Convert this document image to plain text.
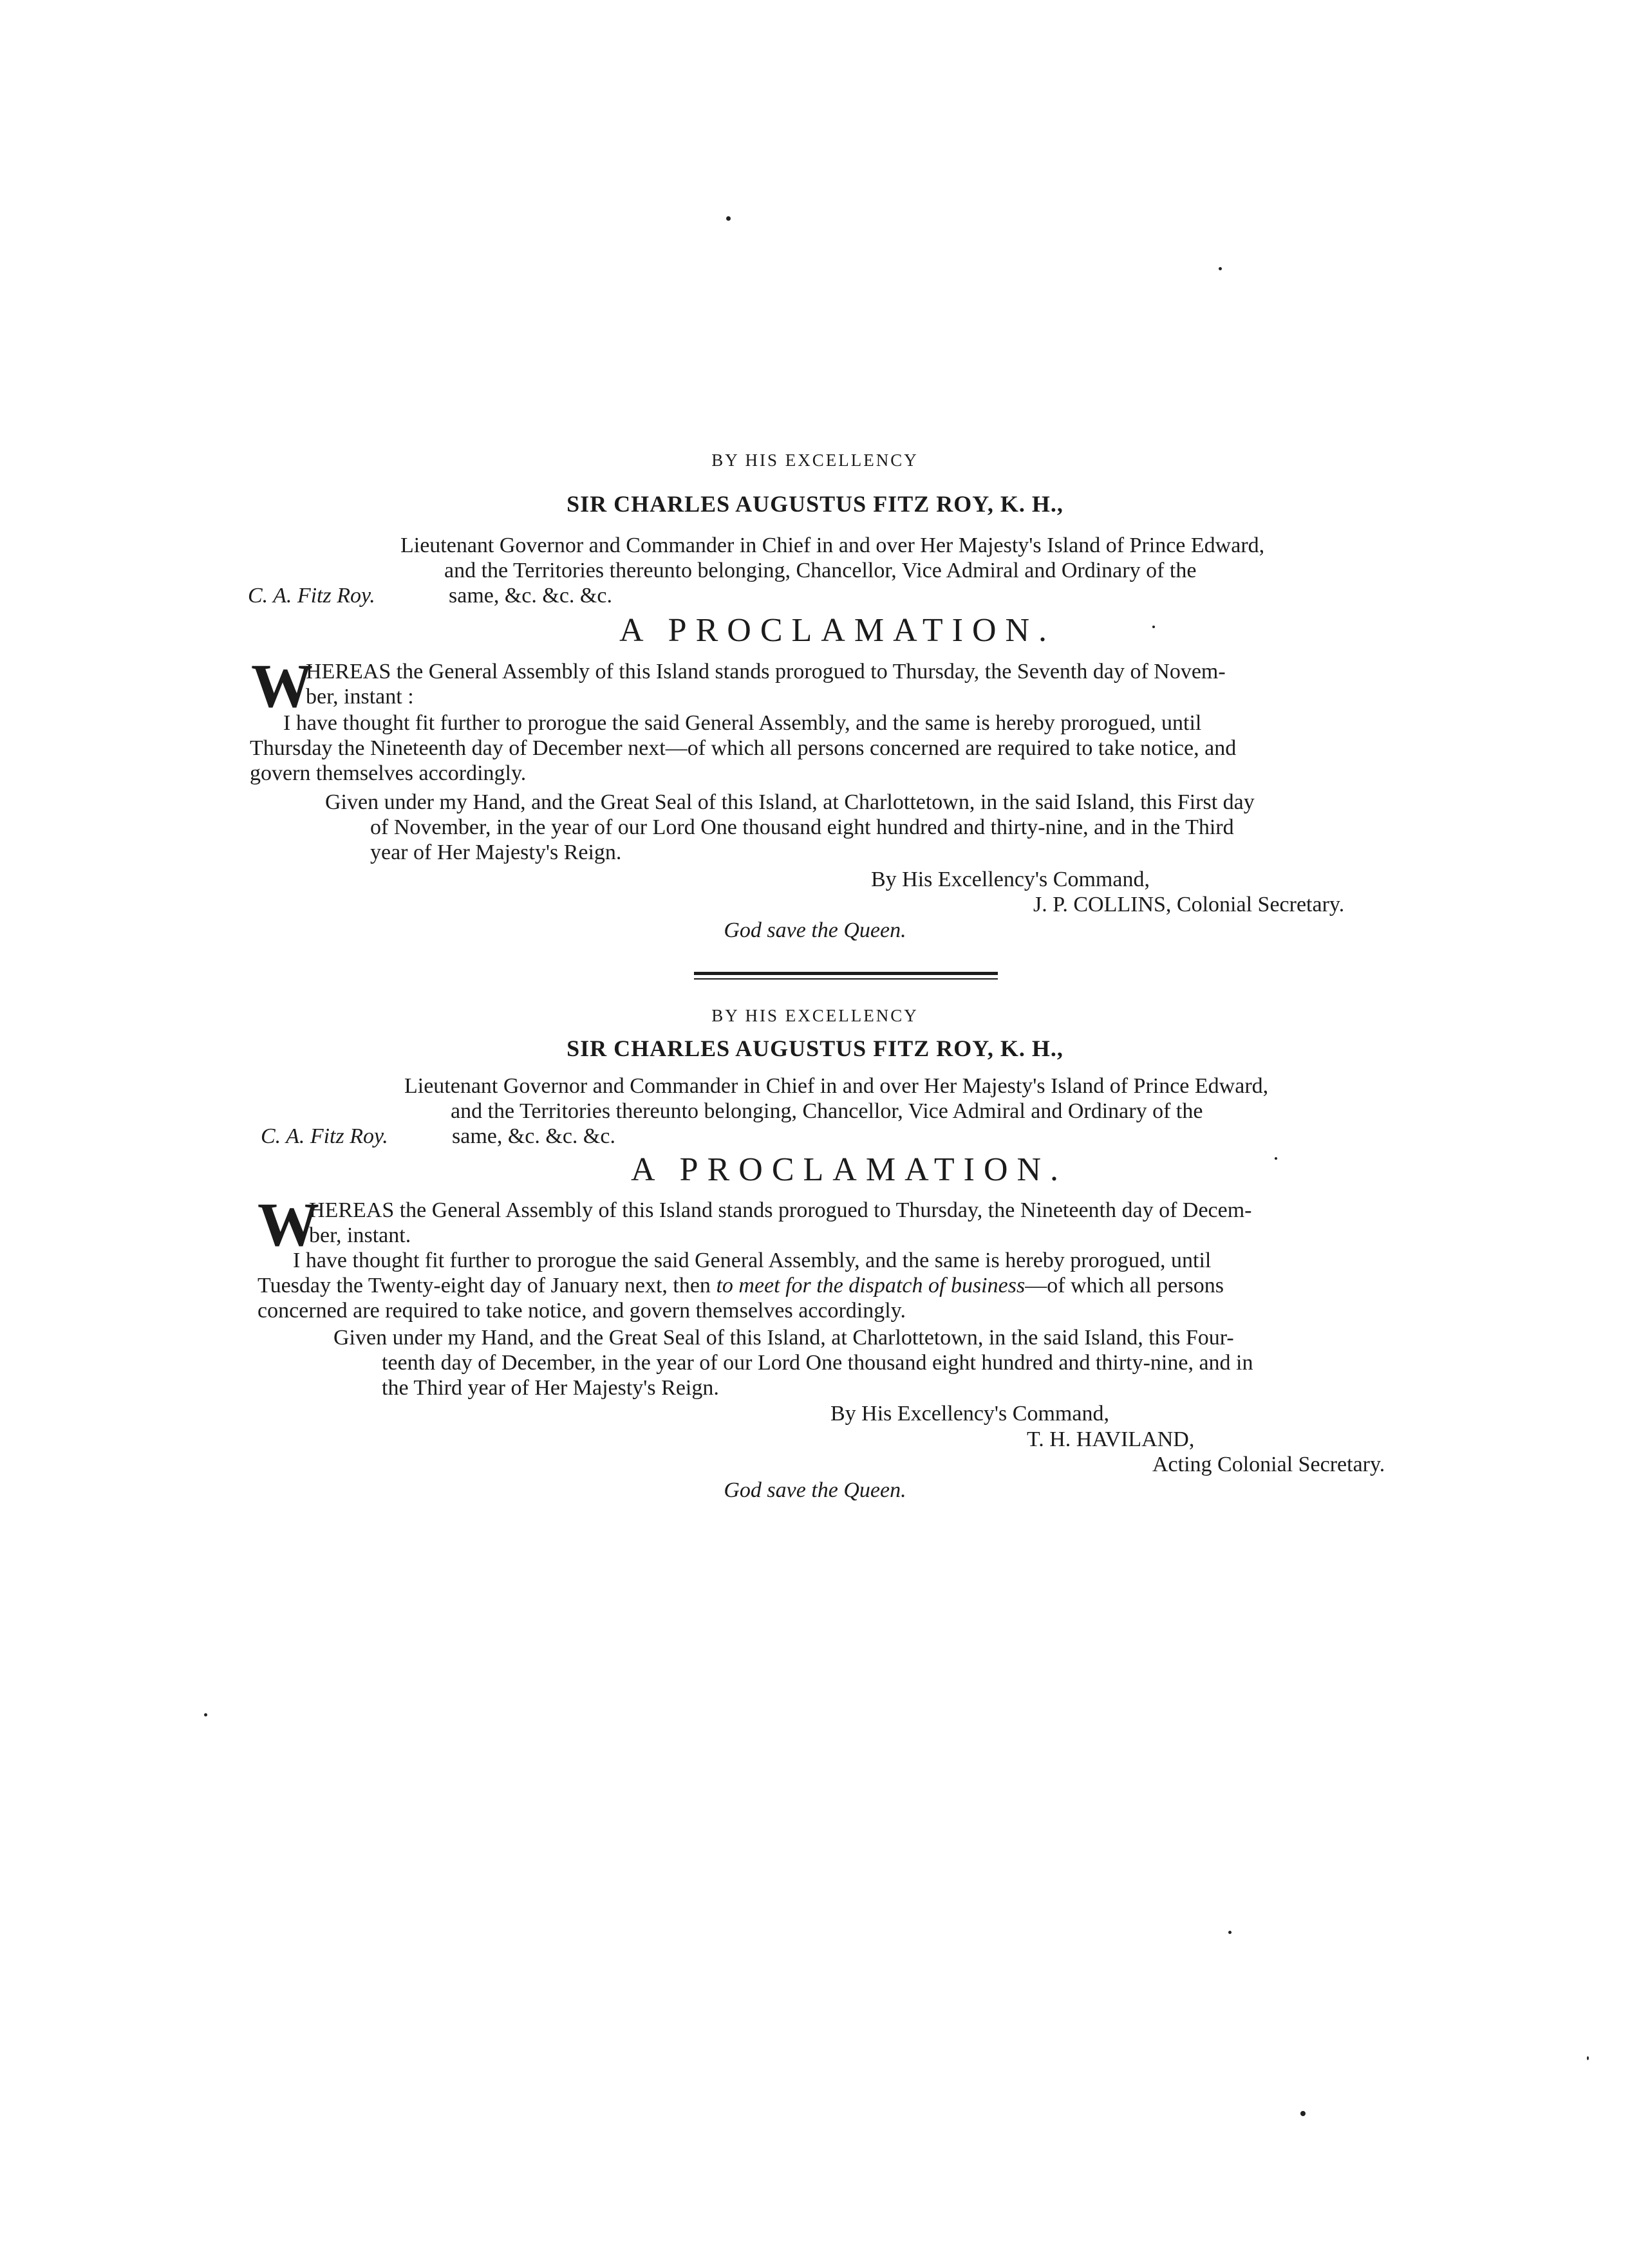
BY HIS EXCELLENCY
SIR CHARLES AUGUSTUS FITZ ROY, K. H.,
Lieutenant Governor and Commander in Chief in and over Her Majesty's Island of Prince Edward,
and the Territories thereunto belonging, Chancellor, Vice Admiral and Ordinary of the
C. A. Fitz Roy.	same, &c. &c. &c.
A PROCLAMATION.
W
HEREAS the General Assembly of this Island stands prorogued to Thursday, the Seventh day of Novem-
ber, instant :
I have thought fit further to prorogue the said General Assembly, and the same is hereby prorogued, until
Thursday the Nineteenth day of December next—of which all persons concerned are required to take notice, and
govern themselves accordingly.
Given under my Hand, and the Great Seal of this Island, at Charlottetown, in the said Island, this First day
of November, in the year of our Lord One thousand eight hundred and thirty-nine, and in the Third
year of Her Majesty's Reign.
By His Excellency's Command,
J. P. COLLINS, Colonial Secretary.
God save the Queen.
BY HIS EXCELLENCY
SIR CHARLES AUGUSTUS FITZ ROY, K. H.,
Lieutenant Governor and Commander in Chief in and over Her Majesty's Island of Prince Edward,
and the Territories thereunto belonging, Chancellor, Vice Admiral and Ordinary of the
C. A. Fitz Roy.	same, &c. &c. &c.
A PROCLAMATION.
W
HEREAS the General Assembly of this Island stands prorogued to Thursday, the Nineteenth day of Decem-
ber, instant.
I have thought fit further to prorogue the said General Assembly, and the same is hereby prorogued, until
Tuesday the Twenty-eight day of January next, then to meet for the dispatch of business—of which all persons
concerned are required to take notice, and govern themselves accordingly.
Given under my Hand, and the Great Seal of this Island, at Charlottetown, in the said Island, this Four-
teenth day of December, in the year of our Lord One thousand eight hundred and thirty-nine, and in
the Third year of Her Majesty's Reign.
By His Excellency's Command,
T. H. HAVILAND,
Acting Colonial Secretary.
God save the Queen.
